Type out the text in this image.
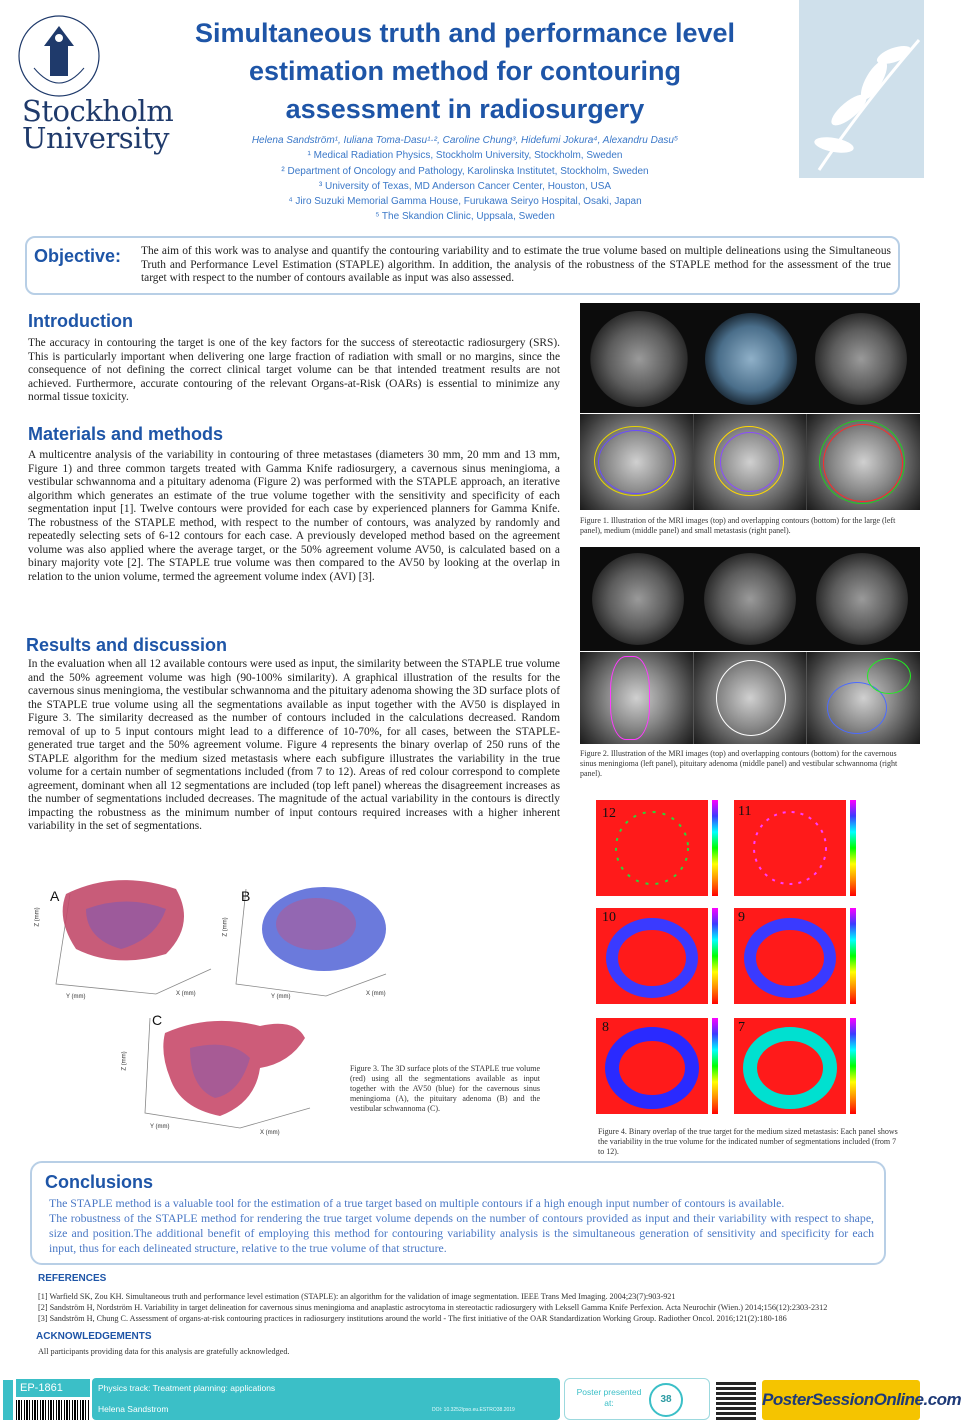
Stockholm
University
Simultaneous truth and performance level estimation method for contouring assessment in radiosurgery
Helena Sandström¹, Iuliana Toma-Dasu¹·², Caroline Chung³, Hidefumi Jokura⁴, Alexandru Dasu⁵
¹ Medical Radiation Physics, Stockholm University, Stockholm, Sweden
² Department of Oncology and Pathology, Karolinska Institutet, Stockholm, Sweden
³ University of Texas, MD Anderson Cancer Center, Houston, USA
⁴ Jiro Suzuki Memorial Gamma House, Furukawa Seiryo Hospital, Osaki, Japan
⁵ The Skandion Clinic, Uppsala, Sweden
Objective: The aim of this work was to analyse and quantify the contouring variability and to estimate the true volume based on multiple delineations using the Simultaneous Truth and Performance Level Estimation (STAPLE) algorithm. In addition, the analysis of the robustness of the STAPLE method for the assessment of the true target with respect to the number of contours available as input was also assessed.
Introduction
The accuracy in contouring the target is one of the key factors for the success of stereotactic radiosurgery (SRS). This is particularly important when delivering one large fraction of radiation with small or no margins, since the consequence of not defining the correct clinical target volume can be that intended treatment results are not achieved. Furthermore, accurate contouring of the relevant Organs-at-Risk (OARs) is essential to minimize any normal tissue toxicity.
Materials and methods
A multicentre analysis of the variability in contouring of three metastases (diameters 30 mm, 20 mm and 13 mm, Figure 1) and three common targets treated with Gamma Knife radiosurgery, a cavernous sinus meningioma, a vestibular schwannoma and a pituitary adenoma (Figure 2) was performed with the STAPLE approach, an iterative algorithm which generates an estimate of the true volume together with the sensitivity and specificity of each segmentation input [1]. Twelve contours were provided for each case by experienced planners for Gamma Knife. The robustness of the STAPLE method, with respect to the number of contours, was analyzed by randomly and repeatedly selecting sets of 6-12 contours for each case. A previously developed method based on the agreement volume was also applied where the average target, or the 50% agreement volume AV50, is calculated based on a binary majority vote [2]. The STAPLE true volume was then compared to the AV50 by looking at the overlap in relation to the union volume, termed the agreement volume index (AVI) [3].
Results and discussion
In the evaluation when all 12 available contours were used as input, the similarity between the STAPLE true volume and the 50% agreement volume was high (90-100% similarity). A graphical illustration of the results for the cavernous sinus meningioma, the vestibular schwannoma and the pituitary adenoma showing the 3D surface plots of the STAPLE true volume using all the segmentations available as input together with the AV50 is displayed in Figure 3. The similarity decreased as the number of contours included in the calculations decreased. Random removal of up to 5 input contours might lead to a difference of 10-70%, for all cases, between the STAPLE-generated true target and the 50% agreement volume. Figure 4 represents the binary overlap of 250 runs of the STAPLE algorithm for the medium sized metastasis where each subfigure illustrates the variability in the true volume for a certain number of segmentations included (from 7 to 12). Areas of red colour correspond to complete agreement, dominant when all 12 segmentations are included (top left panel) whereas the disagreement increases as the number of segmentations included decreases. The magnitude of the actual variability in the contours is directly impacting the robustness as the minimum number of input contours required increases with a higher inherent variability in the set of segmentations.
A	B
Z (mm)
Y (mm)	X (mm)
Z (mm)
Y (mm)	X (mm)
C
Z (mm)
Y (mm)
X (mm)
Figure 3. The 3D surface plots of the STAPLE true volume (red) using all the segmentations available as input together with the AV50 (blue) for the cavernous sinus meningioma (A), the pituitary adenoma (B) and the vestibular schwannoma (C).
Figure 1. Illustration of the MRI images (top) and overlapping contours (bottom) for the large (left panel), medium (middle panel) and small metastasis (right panel).
Figure 2. Illustration of the MRI images (top) and overlapping contours (bottom) for the cavernous sinus meningioma (left panel), pituitary adenoma (middle panel) and vestibular schwannoma (right panel).
12	11
10	9
8	7
Figure 4. Binary overlap of the true target for the medium sized metastasis: Each panel shows the variability in the true volume for the indicated number of segmentations included (from 7 to 12).
Conclusions
The STAPLE method is a valuable tool for the estimation of a true target based on multiple contours if a high enough input number of contours is available.
The robustness of the STAPLE method for rendering the true target volume depends on the number of contours provided as input and their variability with respect to shape, size and position.The additional benefit of employing this method for contouring variability analysis is the simultaneous generation of sensitivity and specificity for each input, thus for each delineated structure, relative to the true volume of that structure.
REFERENCES
[1] Warfield SK, Zou KH. Simultaneous truth and performance level estimation (STAPLE): an algorithm for the validation of image segmentation. IEEE Trans Med Imaging. 2004;23(7):903-921
[2] Sandström H, Nordström H. Variability in target delineation for cavernous sinus meningioma and anaplastic astrocytoma in stereotactic radiosurgery with Leksell Gamma Knife Perfexion. Acta Neurochir (Wien.) 2014;156(12):2303-2312
[3] Sandström H, Chung C. Assessment of organs-at-risk contouring practices in radiosurgery institutions around the world - The first initiative of the OAR Standardization Working Group. Radiother Oncol. 2016;121(2):180-186
ACKNOWLEDGEMENTS
All participants providing data for this analysis are gratefully acknowledged.
EP-1861	Physics track: Treatment planning: applications
Helena Sandstrom	DOI: 10.3252/pso.eu.ESTRO38.2019
Poster presented at:	38	PosterSessionOnline.com
